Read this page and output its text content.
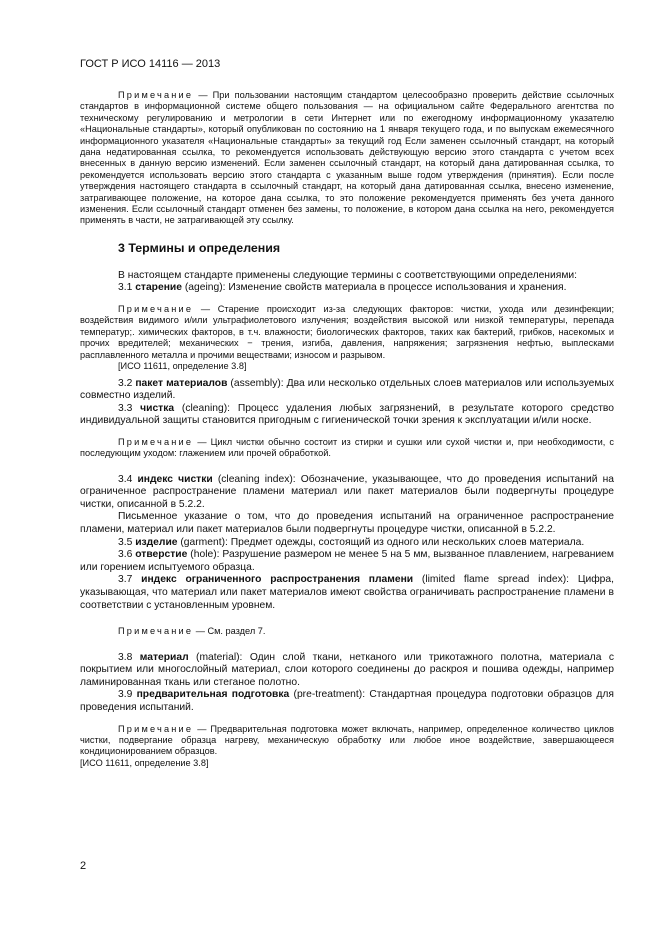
ГОСТ Р ИСО 14116 — 2013

Примечание — При пользовании настоящим стандартом целесообразно проверить действие ссылочных стандартов в информационной системе общего пользования — на официальном сайте Федерального агентства по техническому регулированию и метрологии в сети Интернет или по ежегодному информационному указателю «Национальные стандарты», который опубликован по состоянию на 1 января текущего года, и по выпускам ежемесячного информационного указателя «Национальные стандарты» за текущий год Если заменен ссылочный стандарт, на который дана недатированная ссылка, то рекомендуется использовать действующую версию этого стандарта с учетом всех внесенных в данную версию изменений. Если заменен ссылочный стандарт, на который дана датированная ссылка, то рекомендуется использовать версию этого стандарта с указанным выше годом утверждения (принятия). Если после утверждения настоящего стандарта в ссылочный стандарт, на который дана датированная ссылка, внесено изменение, затрагивающее положение, на которое дана ссылка, то это положение рекомендуется применять без учета данного изменения. Если ссылочный стандарт отменен без замены, то положение, в котором дана ссылка на него, рекомендуется применять в части, не затрагивающей эту ссылку.

3 Термины и определения

В настоящем стандарте применены следующие термины с соответствующими определениями:

3.1 старение (ageing): Изменение свойств материала в процессе использования и хранения.

Примечание — Старение происходит из-за следующих факторов: чистки, ухода или дезинфекции; воздействия видимого и/или ультрафиолетового излучения; воздействия высокой или низкой температуры, перепада температур;. химических факторов, в т.ч. влажности; биологических факторов, таких как бактерий, грибков, насекомых и прочих вредителей; механических − трения, изгиба, давления, напряжения; загрязнения нефтью, выплесками расплавленного металла и прочими веществами; износом и разрывом.

[ИСО 11611, определение 3.8]

3.2 пакет материалов (assembly): Два или несколько отдельных слоев материалов или используемых совместно изделий.

3.3 чистка (cleaning): Процесс удаления любых загрязнений, в результате которого средство индивидуальной защиты становится пригодным с гигиенической точки зрения к эксплуатации и/или носке.

Примечание — Цикл чистки обычно состоит из стирки и сушки или сухой чистки и, при необходимости, с последующим уходом: глажением или прочей обработкой.

3.4 индекс чистки (cleaning index): Обозначение, указывающее, что до проведения испытаний на ограниченное распространение пламени материал или пакет материалов были подвергнуты процедуре чистки, описанной в 5.2.2.

Письменное указание о том, что до проведения испытаний на ограниченное распространение пламени, материал или пакет материалов были подвергнуты процедуре чистки, описанной в 5.2.2.

3.5 изделие (garment): Предмет одежды, состоящий из одного или нескольких слоев материала.

3.6 отверстие (hole): Разрушение размером не менее 5 на 5 мм, вызванное плавлением, нагреванием или горением испытуемого образца.

3.7 индекс ограниченного распространения пламени (limited flame spread index): Цифра, указывающая, что материал или пакет материалов имеют свойства ограничивать распространение пламени в соответствии с установленным уровнем.

Примечание — См. раздел 7.

3.8 материал (material): Один слой ткани, нетканого или трикотажного полотна, материала с покрытием или многослойный материал, слои которого соединены до раскроя и пошива одежды, например ламинированная ткань или стеганое полотно.

3.9 предварительная подготовка (pre-treatment): Стандартная процедура подготовки образцов для проведения испытаний.

Примечание — Предварительная подготовка может включать, например, определенное количество циклов чистки, подвергание образца нагреву, механическую обработку или любое иное воздействие, завершающееся кондиционированием образцов.

[ИСО 11611, определение 3.8]

2
